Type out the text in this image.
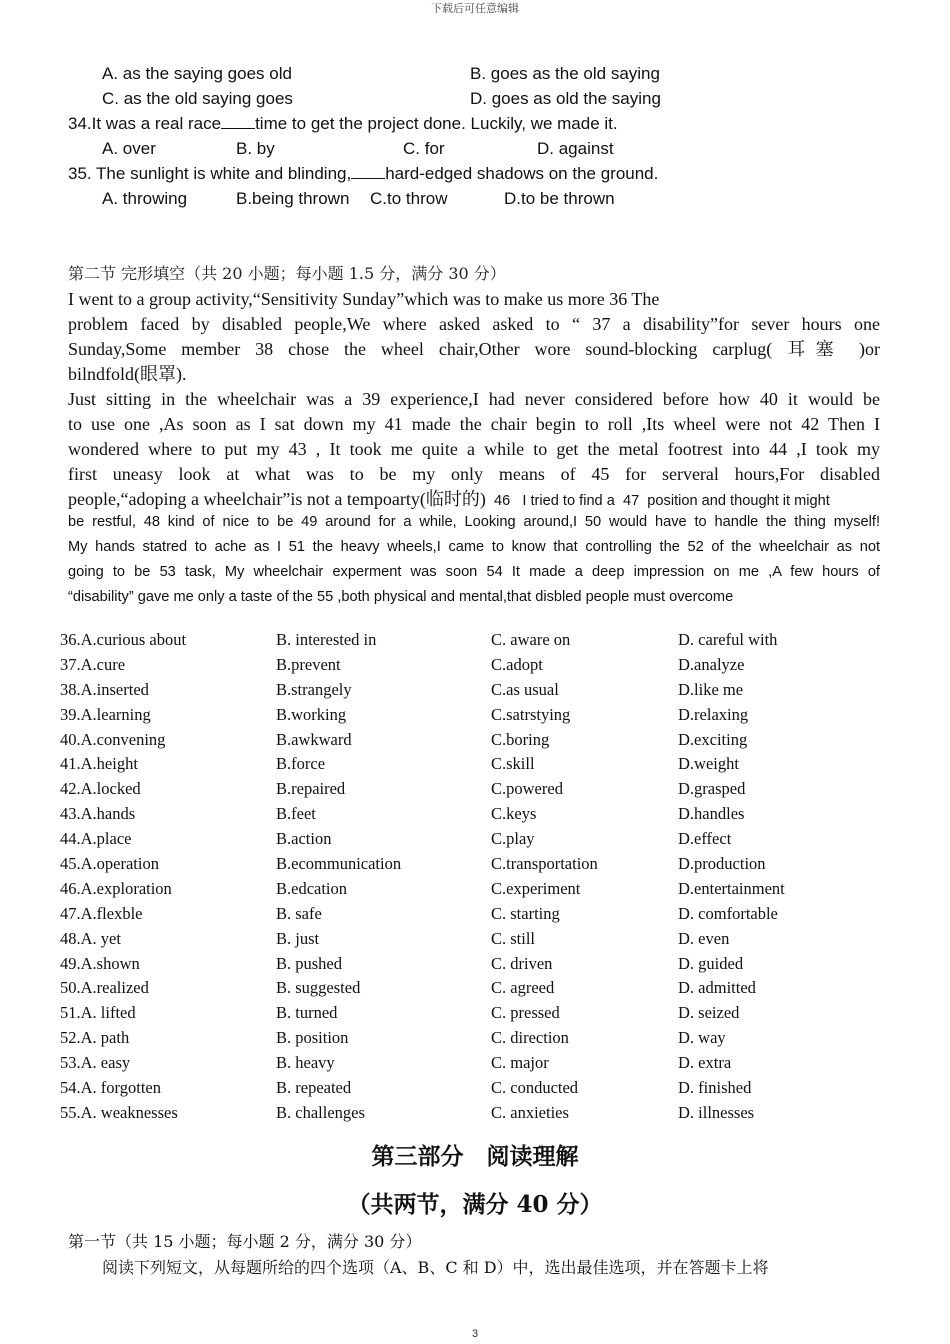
下载后可任意编辑
A. as the saying goes old	B. goes as the old saying
C. as the old saying goes	D. goes as old the saying
34.It was a real race time to get the project done. Luckily, we made it.
A. over	B. by	C. for	D. against
35. The sunlight is white and blinding, hard-edged shadows on the ground.
A. throwing	B.being thrown C.to throw	D.to be thrown
第二节 完形填空（共 20 小题；每小题 1.5 分，满分 30 分）
I went to a group activity,“Sensitivity Sunday”which was to make us more 36 The
problem faced by disabled people,We where asked asked to “ 37 a disability”for sever hours one
Sunday,Some member 38 chose the wheel chair,Other wore sound-blocking carplug( 耳塞 )or
bilndfold(眼罩).
Just sitting in the wheelchair was a 39 experience,I had never considered before how 40 it would be
to use one ,As soon as I sat down my 41 made the chair begin to roll ,Its wheel were not 42 Then I
wondered where to put my 43 , It took me quite a while to get the metal footrest into 44 ,I took my
first uneasy look at what was to be my only means of 45 for serveral hours,For disabled
people,“adoping a wheelchair”is not a tempoarty(临时的)  46   I tried to find a  47  position and thought it might
be restful, 48 kind of nice to be 49 around for a while, Looking around,I 50 would have to handle the thing myself!
My hands statred to ache as I 51 the heavy wheels,I came to know that controlling the 52 of the wheelchair as not
going to be 53 task, My wheelchair experment was soon 54 It made a deep impression on me ,A few hours of
“disability” gave me only a taste of the 55 ,both physical and mental,that disbled people must overcome
36.A.curious about	B. interested in	C. aware on	D. careful with
37.A.cure	B.prevent	C.adopt	D.analyze
38.A.inserted	B.strangely	C.as usual	D.like me
39.A.learning	B.working	C.satrstying	D.relaxing
40.A.convening	B.awkward	C.boring	D.exciting
41.A.height	B.force	C.skill	D.weight
42.A.locked	B.repaired	C.powered	D.grasped
43.A.hands	B.feet	C.keys	D.handles
44.A.place	B.action	C.play	D.effect
45.A.operation	B.ecommunication	C.transportation	D.production
46.A.exploration	B.edcation	C.experiment	D.entertainment
47.A.flexble	B. safe	C. starting	D. comfortable
48.A. yet	B. just	C. still	D. even
49.A.shown	B. pushed	C. driven	D. guided
50.A.realized	B. suggested	C. agreed	D. admitted
51.A. lifted	B. turned	C. pressed	D. seized
52.A. path	B. position	C. direction	D. way
53.A. easy	B. heavy	C. major	D. extra
54.A. forgotten	B. repeated	C. conducted	D. finished
55.A. weaknesses	B. challenges	C. anxieties	D. illnesses
第三部分　阅读理解
（共两节，满分 40 分）
第一节（共 15 小题；每小题 2 分，满分 30 分）
阅读下列短文，从每题所给的四个选项（A、B、C 和 D）中，选出最佳选项，并在答题卡上将
3
